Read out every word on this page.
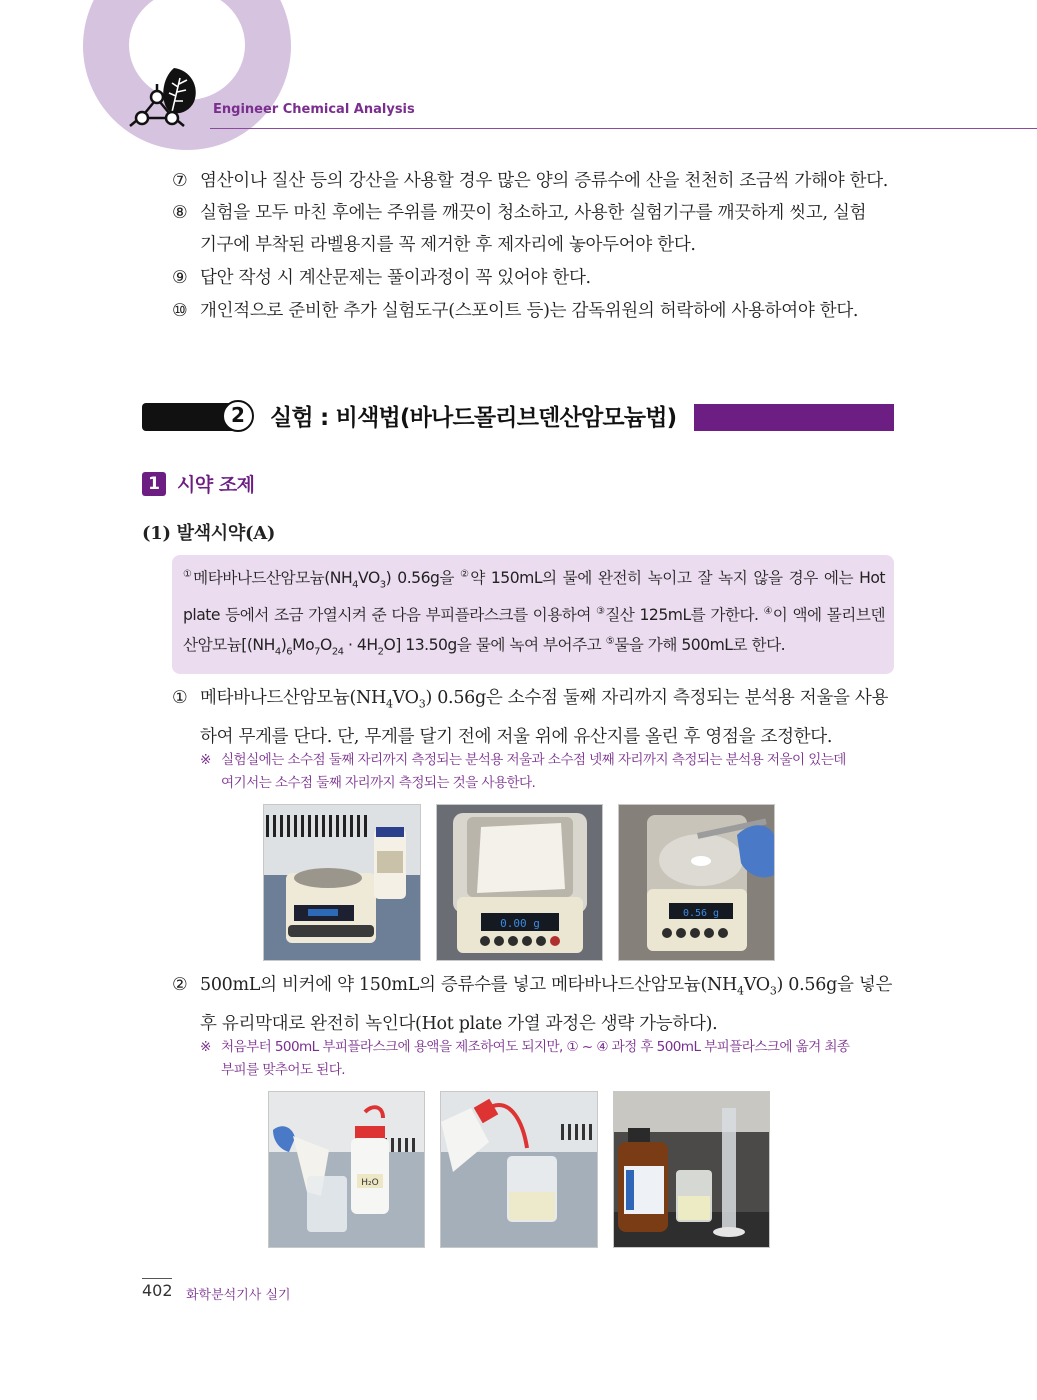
Engineer Chemical Analysis
⑦ 염산이나 질산 등의 강산을 사용할 경우 많은 양의 증류수에 산을 천천히 조금씩 가해야 한다.
⑧ 실험을 모두 마친 후에는 주위를 깨끗이 청소하고, 사용한 실험기구를 깨끗하게 씻고, 실험
기구에 부착된 라벨용지를 꼭 제거한 후 제자리에 놓아두어야 한다.
⑨ 답안 작성 시 계산문제는 풀이과정이 꼭 있어야 한다.
⑩ 개인적으로 준비한 추가 실험도구(스포이트 등)는 감독위원의 허락하에 사용하여야 한다.
2	실험 : 비색법(바나드몰리브덴산암모늄법)
1 시약 조제
(1) 발색시약(A)
①메타바나드산암모늄$(NH_4VO_3)$ 0.56g을 ②약 150mL의 물에 완전히 녹이고 잘 녹지 않을 경우 에는 Hot plate 등에서 조금 가열시켜 준 다음 부피플라스크를 이용하여 ③질산 125mL를 가한다. ④이 액에 몰리브덴산암모늄$[(NH_4)_6Mo_7O_{24} \cdot 4H_2O]$ 13.50g을 물에 녹여 부어주고 ⑤물을 가해 500mL로 한다.
① 메타바나드산암모늄$(NH_4VO_3)$ 0.56g은 소수점 둘째 자리까지 측정되는 분석용 저울을 사용
하여 무게를 단다. 단, 무게를 달기 전에 저울 위에 유산지를 올린 후 영점을 조정한다.
※ 실험실에는 소수점 둘째 자리까지 측정되는 분석용 저울과 소수점 넷째 자리까지 측정되는 분석용 저울이 있는데
여기서는 소수점 둘째 자리까지 측정되는 것을 사용한다.
0.00 g
0.56 g
② 500mL의 비커에 약 150mL의 증류수를 넣고 메타바나드산암모늄$(NH_4VO_3)$ 0.56g을 넣은
후 유리막대로 완전히 녹인다(Hot plate 가열 과정은 생략 가능하다).
※ 처음부터 500mL 부피플라스크에 용액을 제조하여도 되지만, ① ~ ④ 과정 후 500mL 부피플라스크에 옮겨 최종
부피를 맞추어도 된다.
H₂O
402 화학분석기사 실기
